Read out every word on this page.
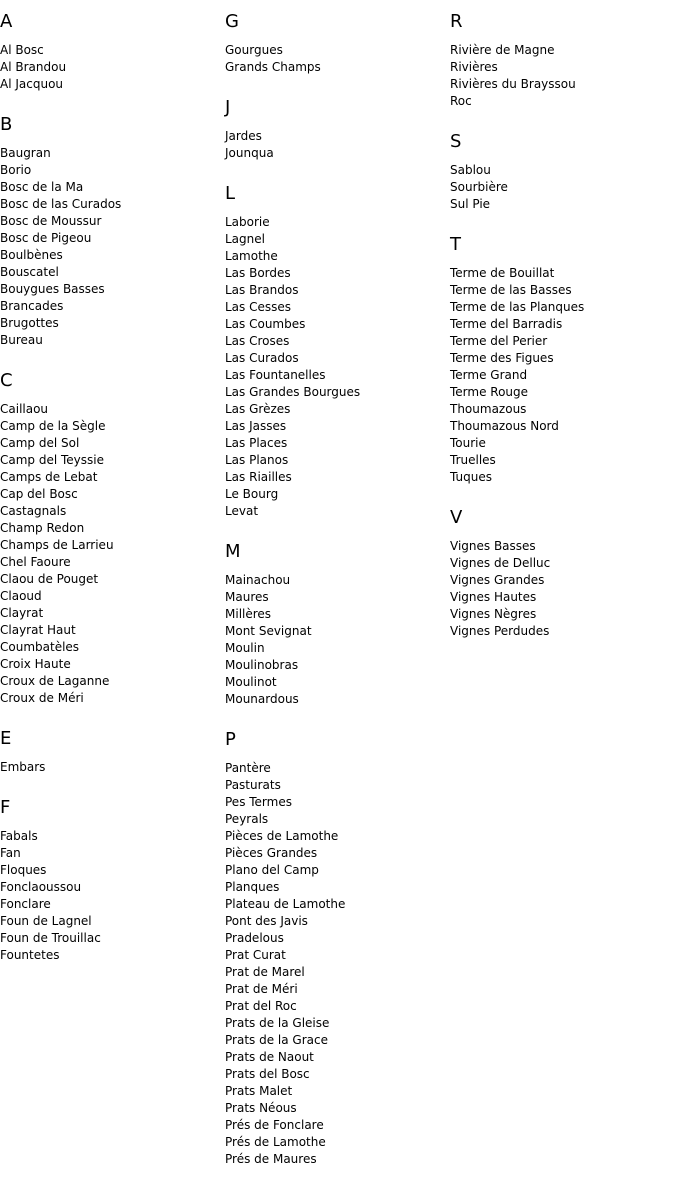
A
Al Bosc
Al Brandou
Al Jacquou
B
Baugran
Borio
Bosc de la Ma
Bosc de las Curados
Bosc de Moussur
Bosc de Pigeou
Boulbènes
Bouscatel
Bouygues Basses
Brancades
Brugottes
Bureau
C
Caillaou
Camp de la Sègle
Camp del Sol
Camp del Teyssie
Camps de Lebat
Cap del Bosc
Castagnals
Champ Redon
Champs de Larrieu
Chel Faoure
Claou de Pouget
Claoud
Clayrat
Clayrat Haut
Coumbatèles
Croix Haute
Croux de Laganne
Croux de Méri
E
Embars
F
Fabals
Fan
Floques
Fonclaoussou
Fonclare
Foun de Lagnel
Foun de Trouillac
Fountetes
G
Gourgues
Grands Champs
J
Jardes
Jounqua
L
Laborie
Lagnel
Lamothe
Las Bordes
Las Brandos
Las Cesses
Las Coumbes
Las Croses
Las Curados
Las Fountanelles
Las Grandes Bourgues
Las Grèzes
Las Jasses
Las Places
Las Planos
Las Riailles
Le Bourg
Levat
M
Mainachou
Maures
Millères
Mont Sevignat
Moulin
Moulinobras
Moulinot
Mounardous
P
Pantère
Pasturats
Pes Termes
Peyrals
Pièces de Lamothe
Pièces Grandes
Plano del Camp
Planques
Plateau de Lamothe
Pont des Javis
Pradelous
Prat Curat
Prat de Marel
Prat de Méri
Prat del Roc
Prats de la Gleise
Prats de la Grace
Prats de Naout
Prats del Bosc
Prats Malet
Prats Néous
Prés de Fonclare
Prés de Lamothe
Prés de Maures
R
Rivière de Magne
Rivières
Rivières du Brayssou
Roc
S
Sablou
Sourbière
Sul Pie
T
Terme de Bouillat
Terme de las Basses
Terme de las Planques
Terme del Barradis
Terme del Perier
Terme des Figues
Terme Grand
Terme Rouge
Thoumazous
Thoumazous Nord
Tourie
Truelles
Tuques
V
Vignes Basses
Vignes de Delluc
Vignes Grandes
Vignes Hautes
Vignes Nègres
Vignes Perdudes
